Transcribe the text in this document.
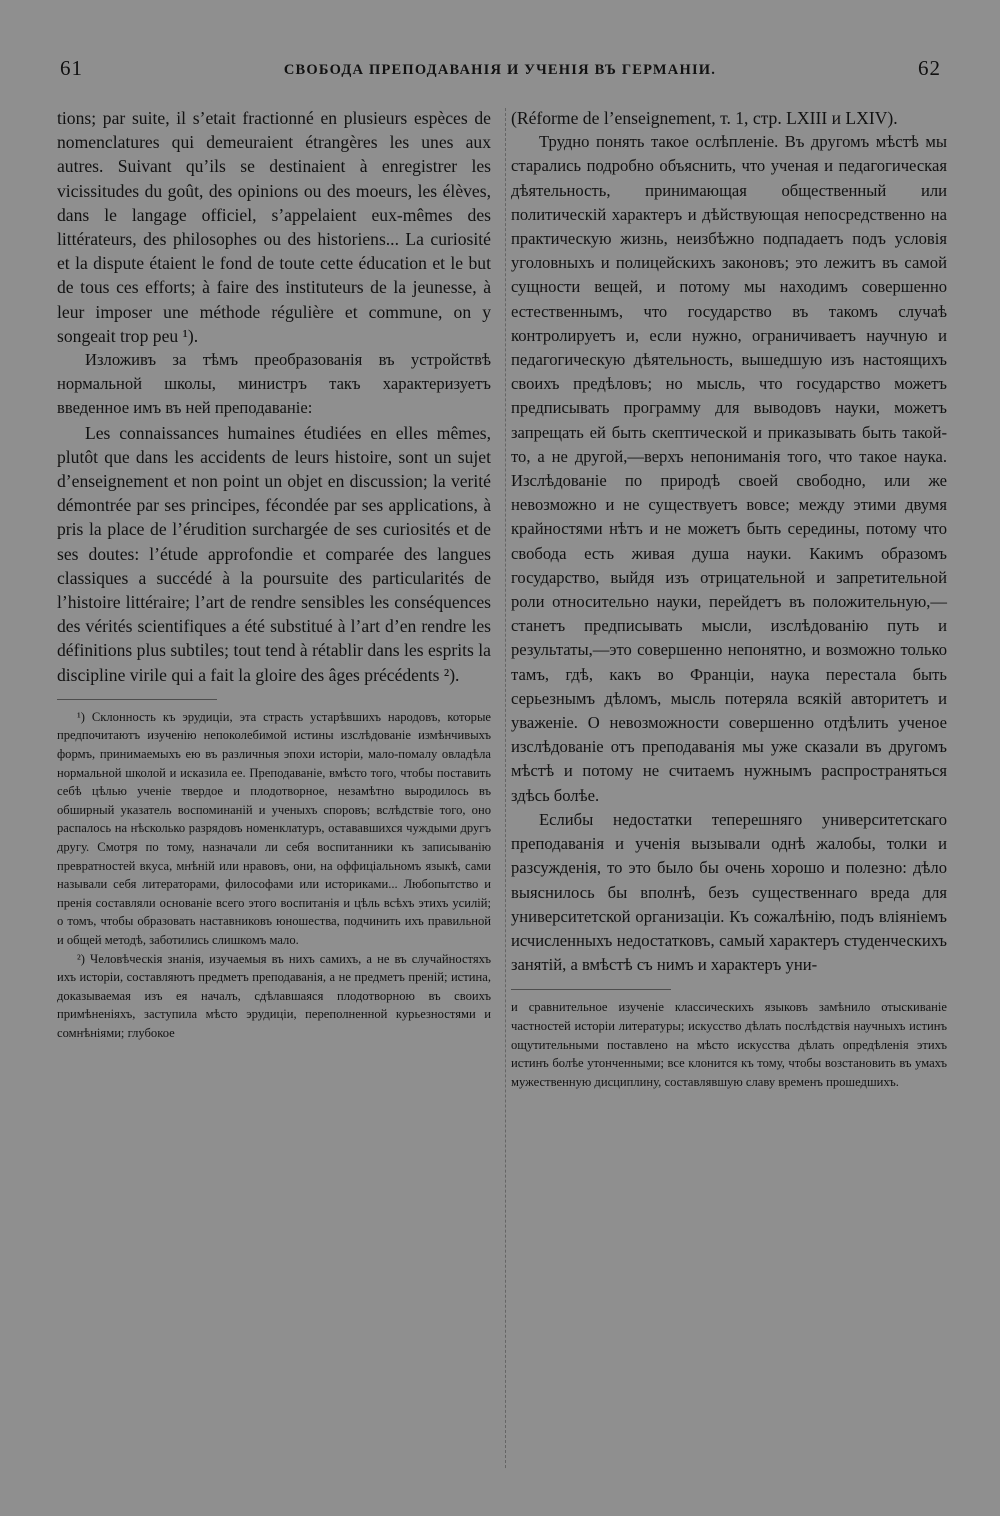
61	СВОБОДА ПРЕПОДАВАНІЯ И УЧЕНІЯ ВЪ ГЕРМАНІИ.	62

tions; par suite, il s’etait fractionné en plusieurs espèces de nomenclatures qui demeuraient étrangères les unes aux autres. Suivant qu’ils se destinaient à enregistrer les vicissitudes du goût, des opinions ou des moeurs, les élèves, dans le langage officiel, s’appelaient eux-mêmes des littérateurs, des philosophes ou des historiens... La curiosité et la dispute étaient le fond de toute cette éducation et le but de tous ces efforts; à faire des instituteurs de la jeunesse, à leur imposer une méthode régulière et commune, on y songeait trop peu ¹).

Изложивъ за тѣмъ преобразованія въ устройствѣ нормальной школы, министръ такъ характеризуетъ введенное имъ въ ней преподаваніе:

Les connaissances humaines étudiées en elles mêmes, plutôt que dans les accidents de leurs histoire, sont un sujet d’enseignement et non point un objet en discussion; la verité démontrée par ses principes, fécondée par ses applications, à pris la place de l’érudition surchargée de ses curiosités et de ses doutes: l’étude approfondie et comparée des langues classiques a succédé à la poursuite des particularités de l’histoire littéraire; l’art de rendre sensibles les conséquences des vérités scientifiques a été substitué à l’art d’en rendre les définitions plus subtiles; tout tend à rétablir dans les esprits la discipline virile qui a fait la gloire des âges précédents ²).

¹) Склонность къ эрудиціи, эта страсть устарѣвшихъ народовъ, которые предпочитаютъ изученію непоколебимой истины изслѣдованіе измѣнчивыхъ формъ, принимаемыхъ ею въ различныя эпохи исторіи, мало-помалу овладѣла нормальной школой и исказила ее. Преподаваніе, вмѣсто того, чтобы поставить себѣ цѣлью ученіе твердое и плодотворное, незамѣтно выродилось въ обширный указатель воспоминаній и ученыхъ споровъ; вслѣдствіе того, оно распалось на нѣсколько разрядовъ номенклатуръ, остававшихся чуждыми другъ другу. Смотря по тому, назначали ли себя воспитанники къ записыванію превратностей вкуса, мнѣній или нравовъ, они, на оффиціальномъ языкѣ, сами называли себя литераторами, философами или историками... Любопытство и пренія составляли основаніе всего этого воспитанія и цѣль всѣхъ этихъ усилій; о томъ, чтобы образовать наставниковъ юношества, подчинить ихъ правильной и общей методѣ, заботились слишкомъ мало.

²) Человѣческія знанія, изучаемыя въ нихъ самихъ, а не въ случайностяхъ ихъ исторіи, составляютъ предметъ преподаванія, а не предметъ преній; истина, доказываемая изъ ея началъ, сдѣлавшаяся плодотворною въ своихъ примѣненіяхъ, заступила мѣсто эрудиціи, переполненной курьезностями и сомнѣніями; глубокое

(Réforme de l’enseignement, т. 1, стр. LXIII и LXIV).

Трудно понять такое ослѣпленіе. Въ другомъ мѣстѣ мы старались подробно объяснить, что ученая и педагогическая дѣятельность, принимающая общественный или политическій характеръ и дѣйствующая непосредственно на практическую жизнь, неизбѣжно подпадаетъ подъ условія уголовныхъ и полицейскихъ законовъ; это лежитъ въ самой сущности вещей, и потому мы находимъ совершенно естественнымъ, что государство въ такомъ случаѣ контролируетъ и, если нужно, ограничиваетъ научную и педагогическую дѣятельность, вышедшую изъ настоящихъ своихъ предѣловъ; но мысль, что государство можетъ предписывать программу для выводовъ науки, можетъ запрещать ей быть скептической и приказывать быть такой-то, а не другой,—верхъ непониманія того, что такое наука. Изслѣдованіе по природѣ своей свободно, или же невозможно и не существуетъ вовсе; между этими двумя крайностями нѣтъ и не можетъ быть середины, потому что свобода есть живая душа науки. Какимъ образомъ государство, выйдя изъ отрицательной и запретительной роли относительно науки, перейдетъ въ положительную,—станетъ предписывать мысли, изслѣдованію путь и результаты,—это совершенно непонятно, и возможно только тамъ, гдѣ, какъ во Франціи, наука перестала быть серьезнымъ дѣломъ, мысль потеряла всякій авторитетъ и уваженіе. О невозможности совершенно отдѣлить ученое изслѣдованіе отъ преподаванія мы уже сказали въ другомъ мѣстѣ и потому не считаемъ нужнымъ распространяться здѣсь болѣе.

Еслибы недостатки теперешняго университетскаго преподаванія и ученія вызывали однѣ жалобы, толки и разсужденія, то это было бы очень хорошо и полезно: дѣло выяснилось бы вполнѣ, безъ существеннаго вреда для университетской организаціи. Къ сожалѣнію, подъ вліяніемъ исчисленныхъ недостатковъ, самый характеръ студенческихъ занятій, а вмѣстѣ съ нимъ и характеръ уни-

и сравнительное изученіе классическихъ языковъ замѣнило отыскиваніе частностей исторіи литературы; искусство дѣлать послѣдствія научныхъ истинъ ощутительными поставлено на мѣсто искусства дѣлать опредѣленія этихъ истинъ болѣе утонченными; все клонится къ тому, чтобы возстановить въ умахъ мужественную дисциплину, составлявшую славу временъ прошедшихъ.
